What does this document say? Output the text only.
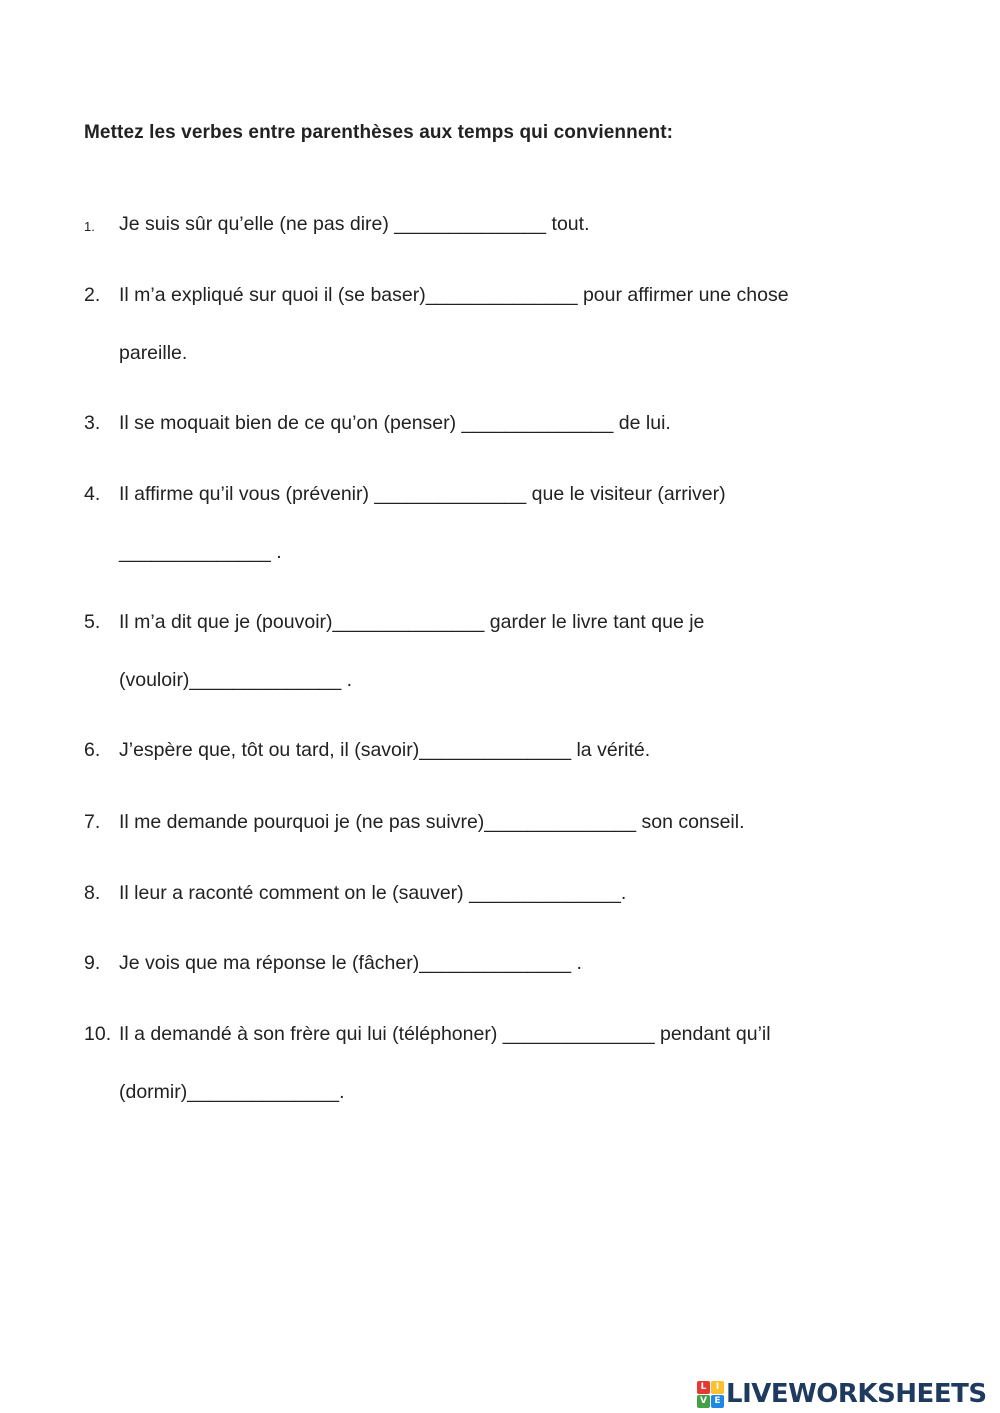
Mettez les verbes entre parenthèses aux temps qui conviennent:
1. Je suis sûr qu’elle (ne pas dire) ______________ tout.
2. Il m’a expliqué sur quoi il (se baser)______________ pour affirmer une chose
pareille.
3. Il se moquait bien de ce qu’on (penser) ______________ de lui.
4. Il affirme qu’il vous (prévenir) ______________ que le visiteur (arriver)
______________ .
5. Il m’a dit que je (pouvoir)______________ garder le livre tant que je
(vouloir)______________ .
6. J’espère que, tôt ou tard, il (savoir)______________ la vérité.
7. Il me demande pourquoi je (ne pas suivre)______________ son conseil.
8. Il leur a raconté comment on le (sauver) ______________.
9. Je vois que ma réponse le (fâcher)______________ .
10. Il a demandé à son frère qui lui (téléphoner) ______________ pendant qu’il
(dormir)______________.
L	I
V E LIVEWORKSHEETS
